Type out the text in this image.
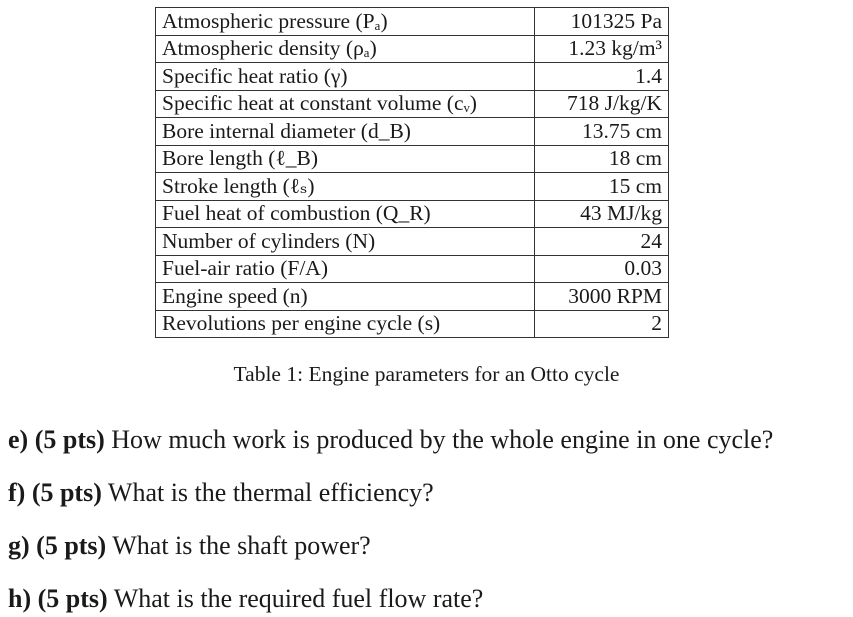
Atmospheric pressure (Pₐ)	101325 Pa
Atmospheric density (ρₐ)	1.23 kg/m³
Specific heat ratio (γ)	1.4
Specific heat at constant volume (cᵥ)	718 J/kg/K
Bore internal diameter (d_B)	13.75 cm
Bore length (ℓ_B)	18 cm
Stroke length (ℓₛ)	15 cm
Fuel heat of combustion (Q_R)	43 MJ/kg
Number of cylinders (N)	24
Fuel-air ratio (F/A)	0.03
Engine speed (n)	3000 RPM
Revolutions per engine cycle (s)	2
Table 1: Engine parameters for an Otto cycle
e) (5 pts) How much work is produced by the whole engine in one cycle?
f) (5 pts) What is the thermal efficiency?
g) (5 pts) What is the shaft power?
h) (5 pts) What is the required fuel flow rate?
